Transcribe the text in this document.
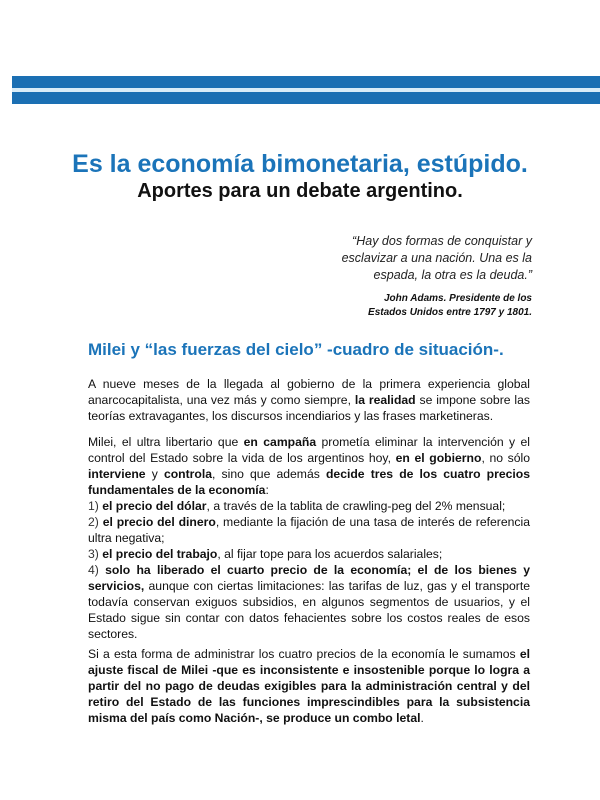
Es la economía bimonetaria, estúpido.
Aportes para un debate argentino.
“Hay dos formas de conquistar y
esclavizar a una nación. Una es la
espada, la otra es la deuda.”
John Adams. Presidente de los
Estados Unidos entre 1797 y 1801.
Milei y “las fuerzas del cielo” -cuadro de situación-.

A nueve meses de la llegada al gobierno de la primera experiencia global anarcocapitalista, una vez más y como siempre, la realidad se impone sobre las teorías extravagantes, los discursos incendiarios y las frases marketineras.

Milei, el ultra libertario que en campaña prometía eliminar la intervención y el control del Estado sobre la vida de los argentinos hoy, en el gobierno, no sólo interviene y controla, sino que además decide tres de los cuatro precios fundamentales de la economía:

1) el precio del dólar, a través de la tablita de crawling-peg del 2% mensual;

2) el precio del dinero, mediante la fijación de una tasa de interés de referencia ultra negativa;

3) el precio del trabajo, al fijar tope para los acuerdos salariales;

4) solo ha liberado el cuarto precio de la economía; el de los bienes y servicios, aunque con ciertas limitaciones: las tarifas de luz, gas y el transporte todavía conservan exiguos subsidios, en algunos segmentos de usuarios, y el Estado sigue sin contar con datos fehacientes sobre los costos reales de esos sectores.

Si a esta forma de administrar los cuatro precios de la economía le sumamos el ajuste fiscal de Milei -que es inconsistente e insostenible porque lo logra a partir del no pago de deudas exigibles para la administración central y del retiro del Estado de las funciones imprescindibles para la subsistencia misma del país como Nación-, se produce un combo letal.
